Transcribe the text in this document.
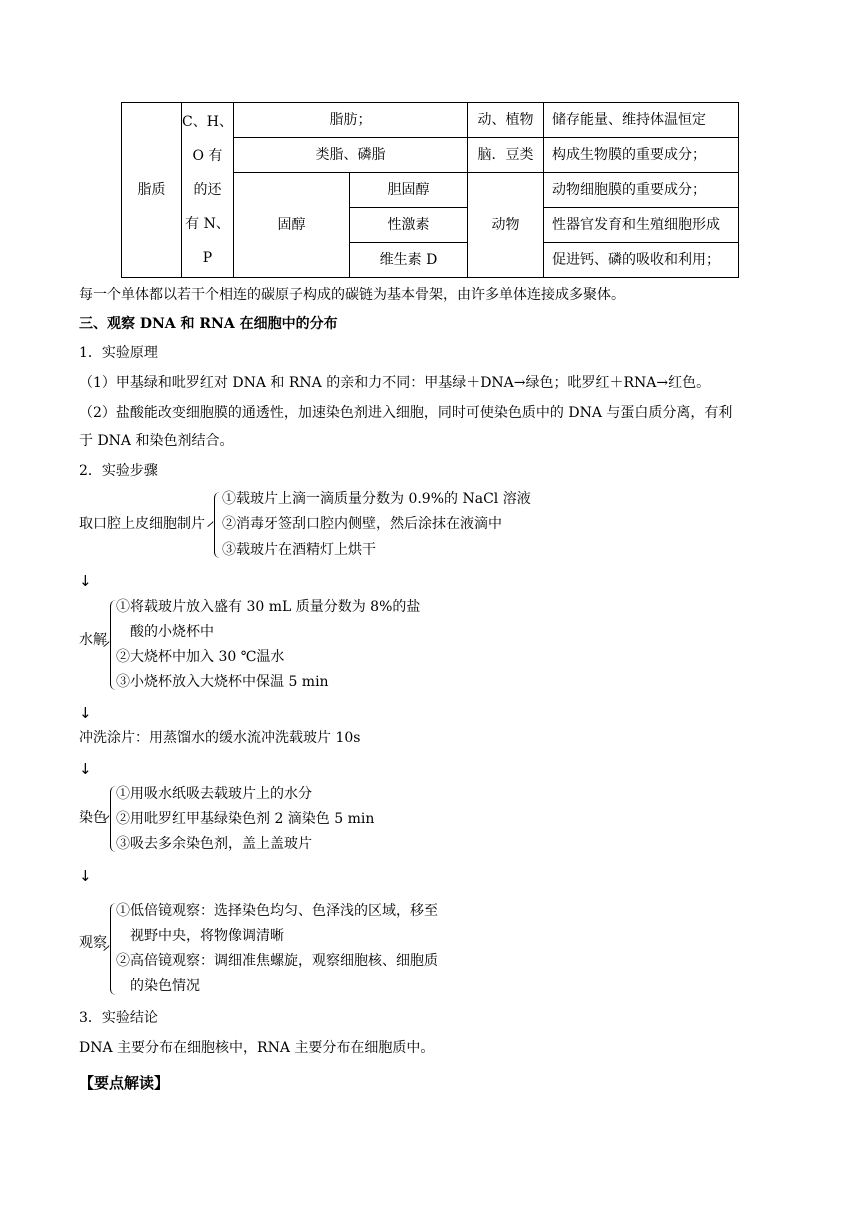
脂质	C、H、
O 有
的还
有 N、
P	脂肪；		动、植物	储存能量、维持体温恒定
		类脂、磷脂		脑．豆类	构成生物膜的重要成分；
		固醇	胆固醇	动物	动物细胞膜的重要成分；
			性激素		性器官发育和生殖细胞形成
			维生素 D		促进钙、磷的吸收和利用；
每一个单体都以若干个相连的碳原子构成的碳链为基本骨架，由许多单体连接成多聚体。
三、观察 DNA 和 RNA 在细胞中的分布
1．实验原理
（1）甲基绿和吡罗红对 DNA 和 RNA 的亲和力不同：甲基绿＋DNA→绿色；吡罗红＋RNA→红色。
（2）盐酸能改变细胞膜的通透性，加速染色剂进入细胞，同时可使染色质中的 DNA 与蛋白质分离，有利
于 DNA 和染色剂结合。
2．实验步骤
取口腔上皮细胞制片
①载玻片上滴一滴质量分数为 0.9%的 NaCl 溶液
②消毒牙签刮口腔内侧壁，然后涂抹在液滴中
③载玻片在酒精灯上烘干
↓
水解
①将载玻片放入盛有 30 mL 质量分数为 8%的盐
酸的小烧杯中
②大烧杯中加入 30 ℃温水
③小烧杯放入大烧杯中保温 5 min
↓
冲洗涂片：用蒸馏水的缓水流冲洗载玻片 10s
↓
染色
①用吸水纸吸去载玻片上的水分
②用吡罗红甲基绿染色剂 2 滴染色 5 min
③吸去多余染色剂，盖上盖玻片
↓
观察
①低倍镜观察：选择染色均匀、色泽浅的区域，移至
视野中央，将物像调清晰
②高倍镜观察：调细准焦螺旋，观察细胞核、细胞质
的染色情况
3．实验结论
DNA 主要分布在细胞核中，RNA 主要分布在细胞质中。
【要点解读】
